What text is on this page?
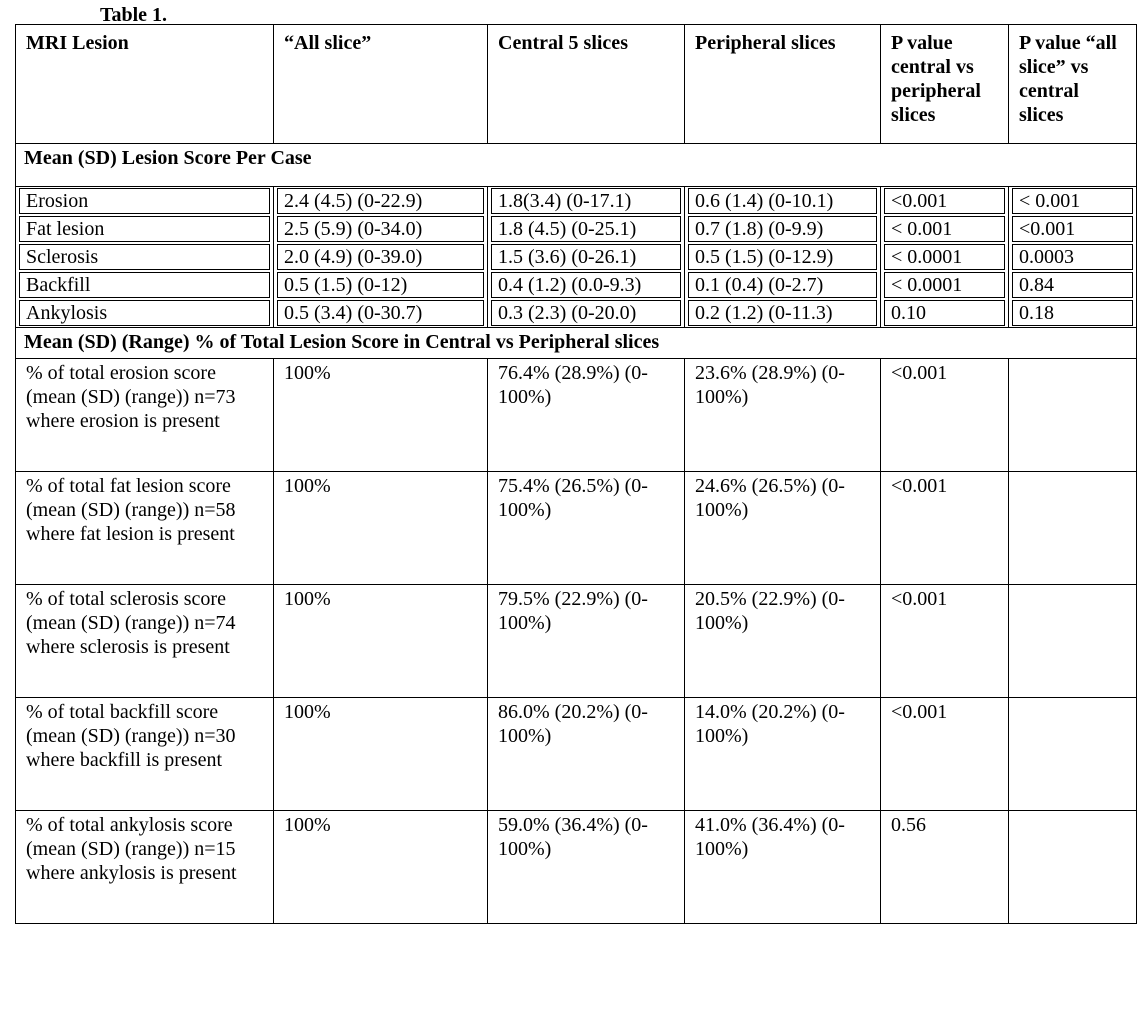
Table 1.
MRI Lesion	“All slice”	Central 5 slices	Peripheral slices	P value central vs peripheral slices	P value “all slice” vs central slices
Mean (SD) Lesion Score Per Case					

Erosion	2.4 (4.5) (0-22.9)	1.8(3.4) (0-17.1)	0.6 (1.4) (0-10.1)	<0.001	< 0.001

Fat lesion	2.5 (5.9) (0-34.0)	1.8 (4.5) (0-25.1)	0.7 (1.8) (0-9.9)	< 0.001	<0.001

Sclerosis	2.0 (4.9) (0-39.0)	1.5 (3.6) (0-26.1)	0.5 (1.5) (0-12.9)	< 0.0001	0.0003

Backfill	0.5 (1.5) (0-12)	0.4 (1.2) (0.0-9.3)	0.1 (0.4) (0-2.7)	< 0.0001	0.84

Ankylosis	0.5 (3.4) (0-30.7)	0.3 (2.3) (0-20.0)	0.2 (1.2) (0-11.3)	0.10	0.18

Mean (SD) (Range) % of Total Lesion Score in Central vs Peripheral slices					
% of total erosion score (mean (SD) (range)) n=73 where erosion is present	100%	76.4% (28.9%) (0-100%)	23.6% (28.9%) (0-100%)	<0.001	
% of total fat lesion score (mean (SD) (range)) n=58 where fat lesion is present	100%	75.4% (26.5%) (0-100%)	24.6% (26.5%) (0-100%)	<0.001	
% of total sclerosis score (mean (SD) (range)) n=74 where sclerosis is present	100%	79.5% (22.9%) (0-100%)	20.5% (22.9%) (0-100%)	<0.001	
% of total backfill score (mean (SD) (range)) n=30 where backfill is present	100%	86.0% (20.2%) (0-100%)	14.0% (20.2%) (0-100%)	<0.001	
% of total ankylosis score (mean (SD) (range)) n=15 where ankylosis is present	100%	59.0% (36.4%) (0-100%)	41.0% (36.4%) (0-100%)	0.56	
